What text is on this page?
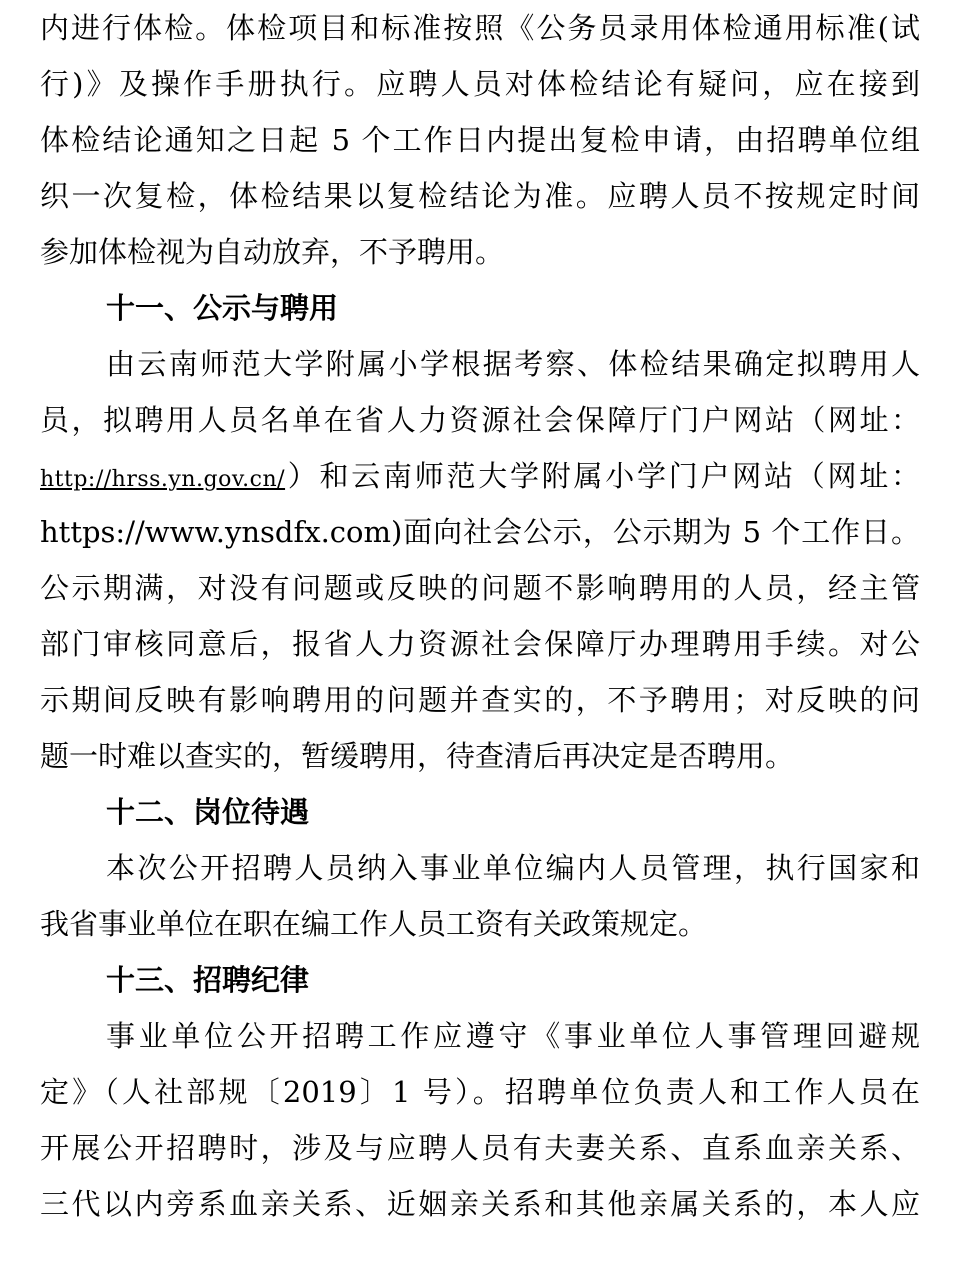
内进行体检。体检项目和标准按照《公务员录用体检通用标准(试
行)》及操作手册执行。应聘人员对体检结论有疑问，应在接到
体检结论通知之日起 5 个工作日内提出复检申请，由招聘单位组
织一次复检，体检结果以复检结论为准。应聘人员不按规定时间
参加体检视为自动放弃，不予聘用。
十一、公示与聘用
由云南师范大学附属小学根据考察、体检结果确定拟聘用人
员，拟聘用人员名单在省人力资源社会保障厅门户网站（网址：
http://hrss.yn.gov.cn/）和云南师范大学附属小学门户网站（网址：
https://www.ynsdfx.com)面向社会公示，公示期为 5 个工作日。
公示期满，对没有问题或反映的问题不影响聘用的人员，经主管
部门审核同意后，报省人力资源社会保障厅办理聘用手续。对公
示期间反映有影响聘用的问题并查实的，不予聘用；对反映的问
题一时难以查实的，暂缓聘用，待查清后再决定是否聘用。
十二、岗位待遇
本次公开招聘人员纳入事业单位编内人员管理，执行国家和
我省事业单位在职在编工作人员工资有关政策规定。
十三、招聘纪律
事业单位公开招聘工作应遵守《事业单位人事管理回避规
定》（人社部规〔2019〕1 号）。招聘单位负责人和工作人员在
开展公开招聘时，涉及与应聘人员有夫妻关系、直系血亲关系、
三代以内旁系血亲关系、近姻亲关系和其他亲属关系的，本人应
